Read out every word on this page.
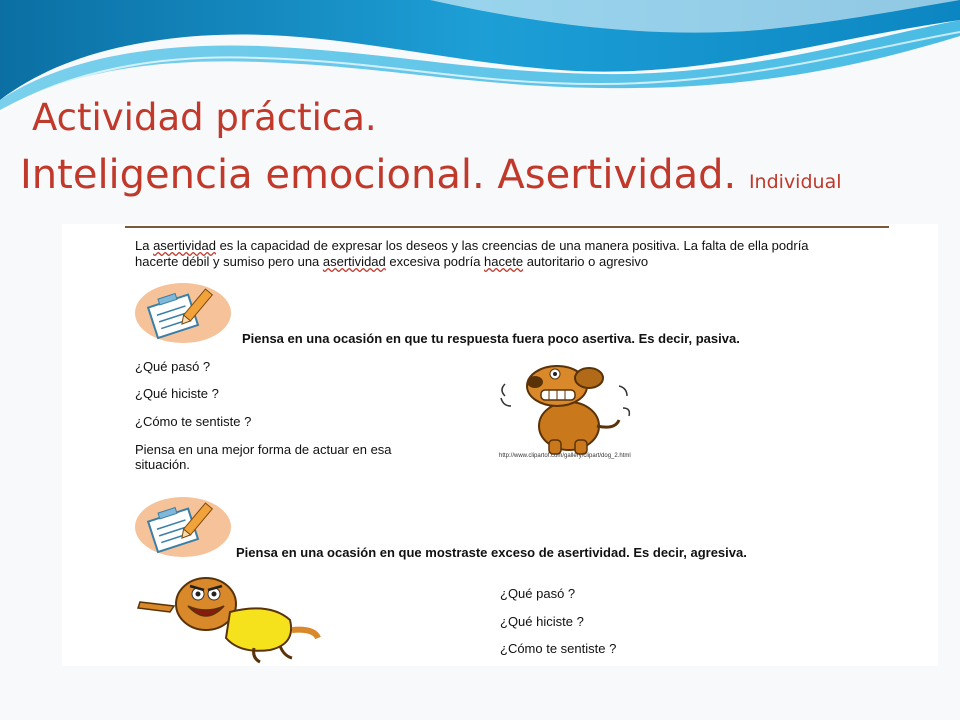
Actividad práctica.
Inteligencia emocional. Asertividad. Individual
La asertividad es la capacidad de expresar los deseos y las creencias de una manera positiva. La falta de ella podría hacerte débil y sumiso pero una asertividad excesiva podría hacete autoritario o agresivo
Piensa en una ocasión en que tu respuesta fuera poco asertiva. Es decir, pasiva.
¿Qué pasó ?
¿Qué hiciste ?
¿Cómo te sentiste ?
Piensa en una mejor forma de actuar en esa situación.
http://www.clipartof.com/gallery/clipart/dog_2.html
Piensa en una ocasión en que mostraste exceso de asertividad. Es decir, agresiva.
¿Qué pasó ?
¿Qué hiciste ?
¿Cómo te sentiste ?
